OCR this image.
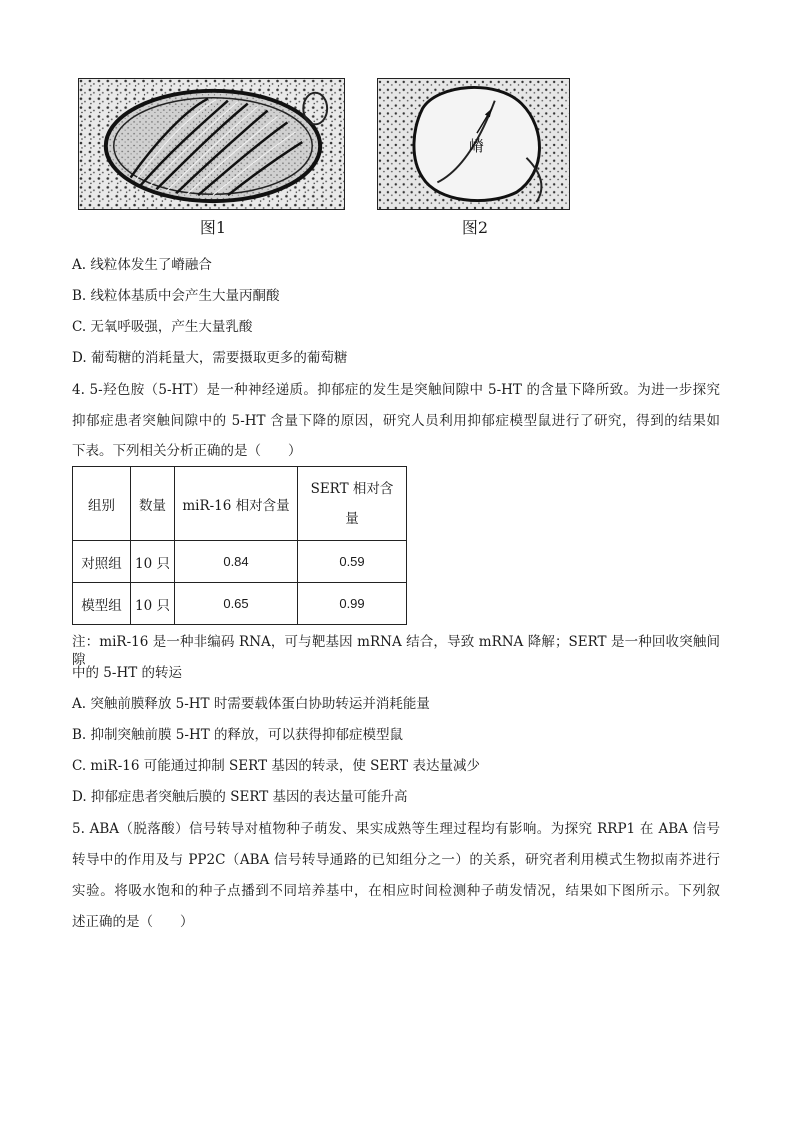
图1
嵴
图2
A. 线粒体发生了嵴融合
B. 线粒体基质中会产生大量丙酮酸
C. 无氧呼吸强，产生大量乳酸
D. 葡萄糖的消耗量大，需要摄取更多的葡萄糖
4. 5-羟色胺（5-HT）是一种神经递质。抑郁症的发生是突触间隙中 5-HT 的含量下降所致。为进一步探究
抑郁症患者突触间隙中的 5-HT 含量下降的原因，研究人员利用抑郁症模型鼠进行了研究，得到的结果如
下表。下列相关分析正确的是（　　）
组别	数量	miR-16 相对含量	SERT 相对含
量
对照组	10 只	0.84	0.59
模型组	10 只	0.65	0.99
注：miR-16 是一种非编码 RNA，可与靶基因 mRNA 结合，导致 mRNA 降解；SERT 是一种回收突触间隙
中的 5-HT 的转运
A. 突触前膜释放 5-HT 时需要载体蛋白协助转运并消耗能量
B. 抑制突触前膜 5-HT 的释放，可以获得抑郁症模型鼠
C. miR-16 可能通过抑制 SERT 基因的转录，使 SERT 表达量减少
D. 抑郁症患者突触后膜的 SERT 基因的表达量可能升高
5. ABA（脱落酸）信号转导对植物种子萌发、果实成熟等生理过程均有影响。为探究 RRP1 在 ABA 信号
转导中的作用及与 PP2C（ABA 信号转导通路的已知组分之一）的关系，研究者利用模式生物拟南芥进行
实验。将吸水饱和的种子点播到不同培养基中，在相应时间检测种子萌发情况，结果如下图所示。下列叙
述正确的是（　　）
